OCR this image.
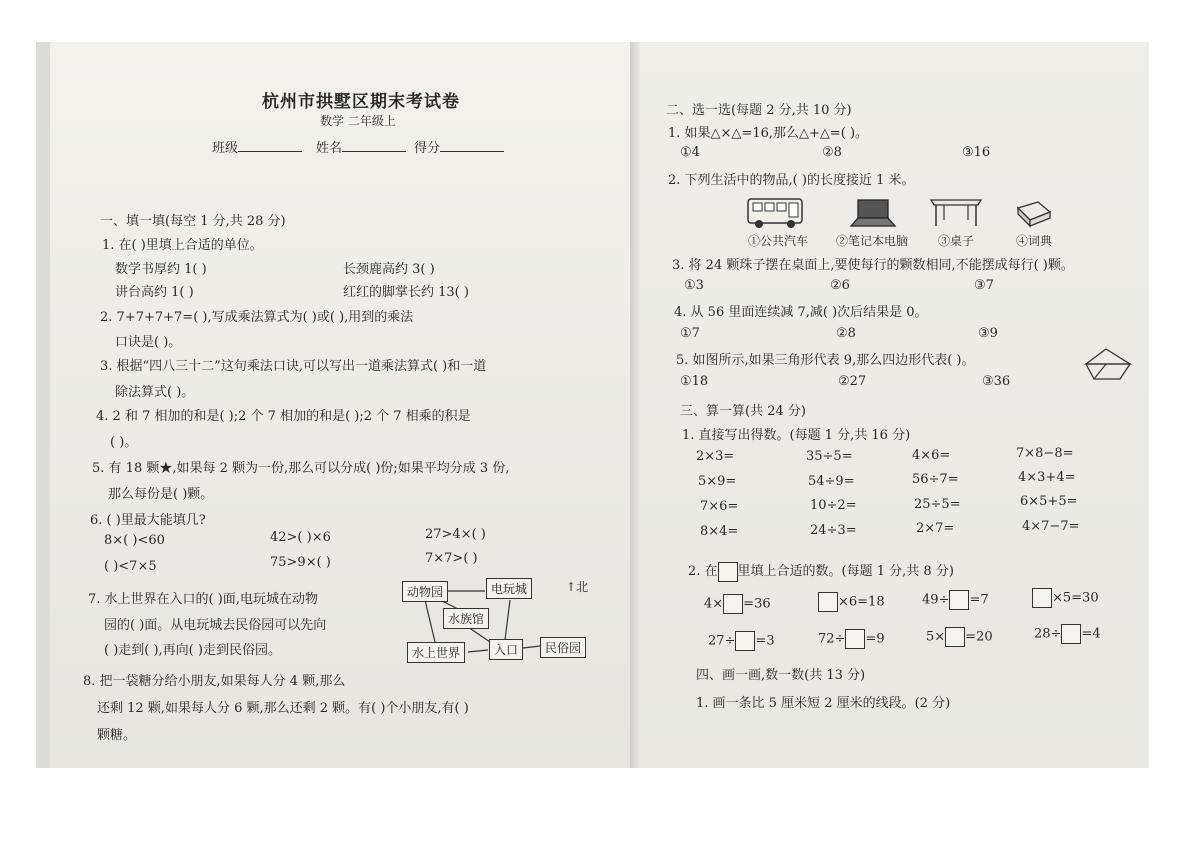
杭州市拱墅区期末考试卷
数学 二年级上
班级	姓名	得分
一、填一填(每空 1 分,共 28 分)
1. 在( )里填上合适的单位。
数学书厚约 1( )	长颈鹿高约 3( )
讲台高约 1( )	红红的脚掌长约 13( )
2. 7+7+7+7=( ),写成乘法算式为( )或( ),用到的乘法
口诀是( )。
3. 根据“四八三十二”这句乘法口诀,可以写出一道乘法算式( )和一道
除法算式( )。
4. 2 和 7 相加的和是( );2 个 7 相加的和是( );2 个 7 相乘的积是
( )。
5. 有 18 颗★,如果每 2 颗为一份,那么可以分成( )份;如果平均分成 3 份,
那么每份是( )颗。
6. ( )里最大能填几?
8×( )<60	42>( )×6	27>4×( )
( )<7×5	75>9×( )	7×7>( )
7. 水上世界在入口的( )面,电玩城在动物
园的( )面。从电玩城去民俗园可以先向
( )走到( ),再向( )走到民俗园。
动物园	电玩城
水族馆
水上世界	入口	民俗园
↑北
8. 把一袋糖分给小朋友,如果每人分 4 颗,那么
还剩 12 颗,如果每人分 6 颗,那么还剩 2 颗。有( )个小朋友,有( )
颗糖。
二、选一选(每题 2 分,共 10 分)
1. 如果△×△=16,那么△+△=( )。
①4	②8	③16
2. 下列生活中的物品,( )的长度接近 1 米。
①公共汽车 ②笔记本电脑 ③桌子	④词典
3. 将 24 颗珠子摆在桌面上,要使每行的颗数相同,不能摆成每行( )颗。
①3	②6	③7
4. 从 56 里面连续减 7,减( )次后结果是 0。
①7	②8	③9
5. 如图所示,如果三角形代表 9,那么四边形代表( )。
①18	②27	③36
三、算一算(共 24 分)
1. 直接写出得数。(每题 1 分,共 16 分)
2×3=	35÷5=	4×6=	7×8−8=
5×9=	54÷9=	56÷7=	4×3+4=
7×6=	10÷2=	25÷5=	6×5+5=
8×4=	24÷3=	2×7=	4×7−7=
2. 在 里填上合适的数。(每题 1 分,共 8 分)
4× =36	×6=18	49÷ =7	×5=30
27÷ =3	72÷ =9	5× =20	28÷ =4
四、画一画,数一数(共 13 分)
1. 画一条比 5 厘米短 2 厘米的线段。(2 分)
